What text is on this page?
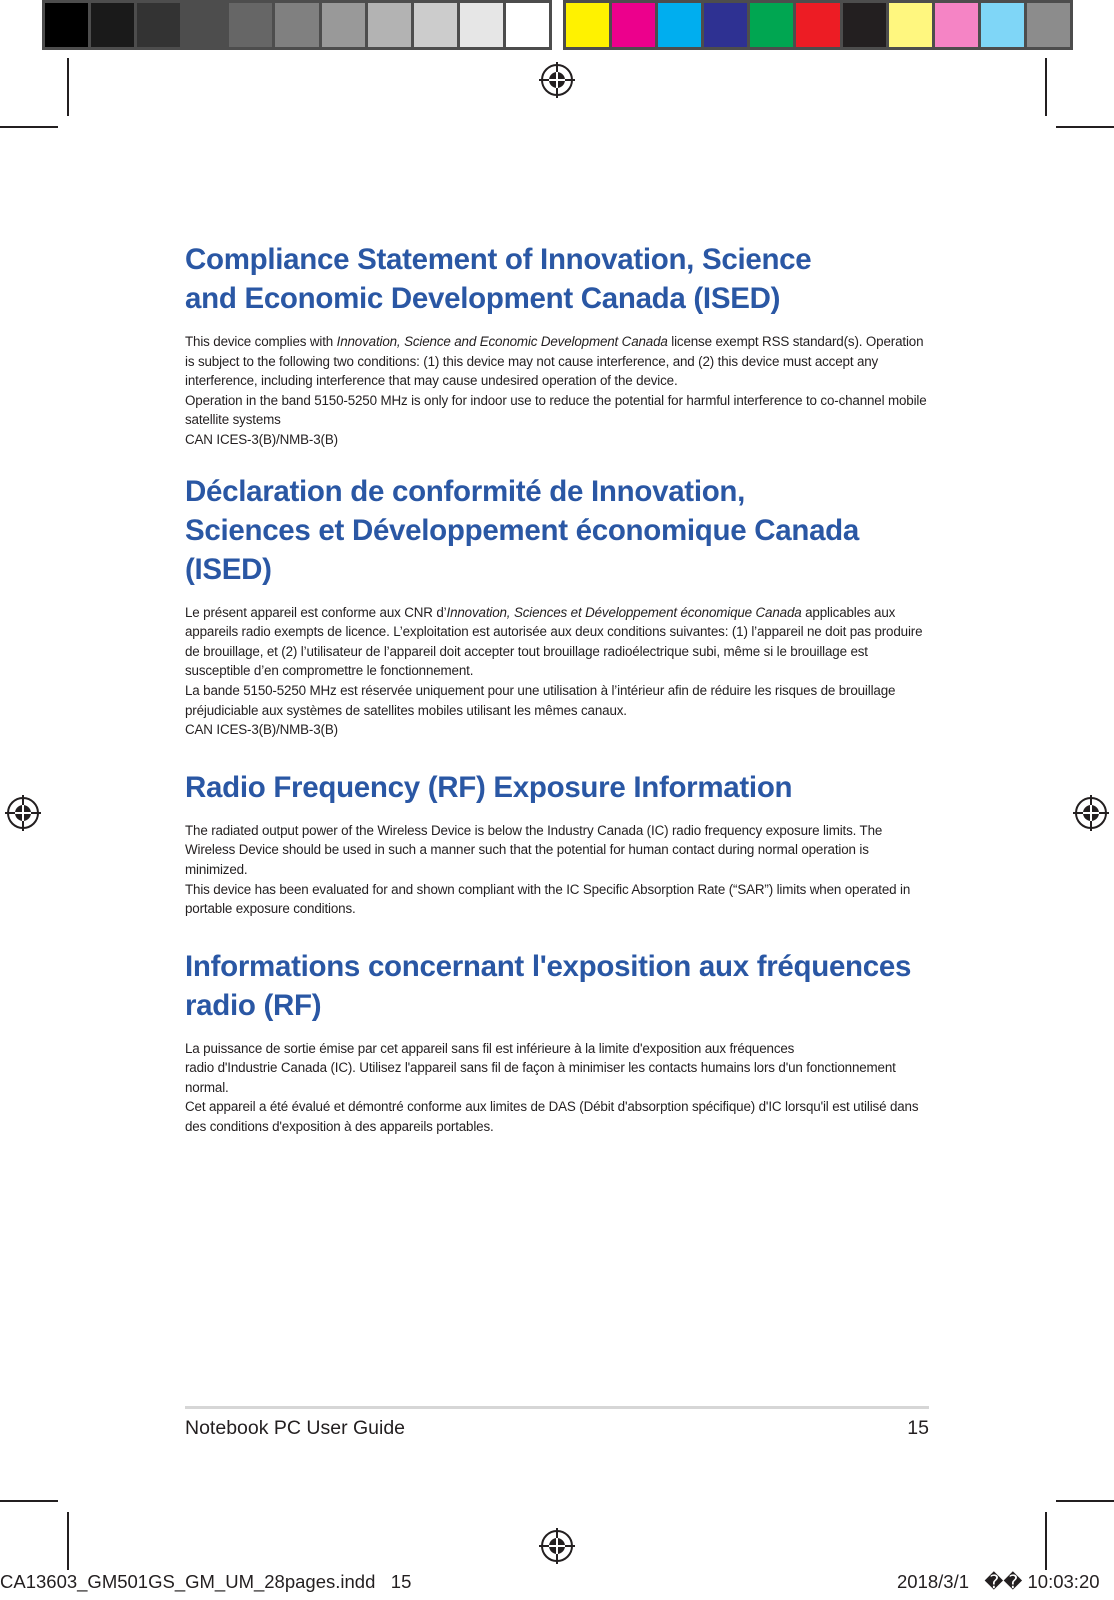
Compliance Statement of Innovation, Science
and Economic Development Canada (ISED)

This device complies with Innovation, Science and Economic Development Canada license exempt RSS standard(s). Operation is subject to the following two conditions: (1) this device may not cause interference, and (2) this device must accept any interference, including interference that may cause undesired operation of the device.

Operation in the band 5150-5250 MHz is only for indoor use to reduce the potential for harmful interference to co-channel mobile satellite systems

CAN ICES-3(B)/NMB-3(B)

Déclaration de conformité de Innovation,
Sciences et Développement économique Canada
(ISED)

Le présent appareil est conforme aux CNR d’Innovation, Sciences et Développement économique Canada applicables aux appareils radio exempts de licence. L’exploitation est autorisée aux deux conditions suivantes: (1) l’appareil ne doit pas produire de brouillage, et (2) l’utilisateur de l’appareil doit accepter tout brouillage radioélectrique subi, même si le brouillage est susceptible d’en compromettre le fonctionnement.

La bande 5150-5250 MHz est réservée uniquement pour une utilisation à l’intérieur afin de réduire les risques de brouillage préjudiciable aux systèmes de satellites mobiles utilisant les mêmes canaux.

CAN ICES-3(B)/NMB-3(B)

Radio Frequency (RF) Exposure Information

The radiated output power of the Wireless Device is below the Industry Canada (IC) radio frequency exposure limits. The Wireless Device should be used in such a manner such that the potential for human contact during normal operation is minimized.

This device has been evaluated for and shown compliant with the IC Specific Absorption Rate (“SAR”) limits when operated in portable exposure conditions.

Informations concernant l'exposition aux fréquences
radio (RF)

La puissance de sortie émise par cet appareil sans fil est inférieure à la limite d'exposition aux fréquences
radio d'Industrie Canada (IC). Utilisez l'appareil sans fil de façon à minimiser les contacts humains lors d'un fonctionnement normal.

Cet appareil a été évalué et démontré conforme aux limites de DAS (Débit d'absorption spécifique) d'IC lorsqu'il est utilisé dans des conditions d'exposition à des appareils portables.

Notebook PC User Guide	15
CA13603_GM501GS_GM_UM_28pages.indd   15	2018/3/1   �� 10:03:20
